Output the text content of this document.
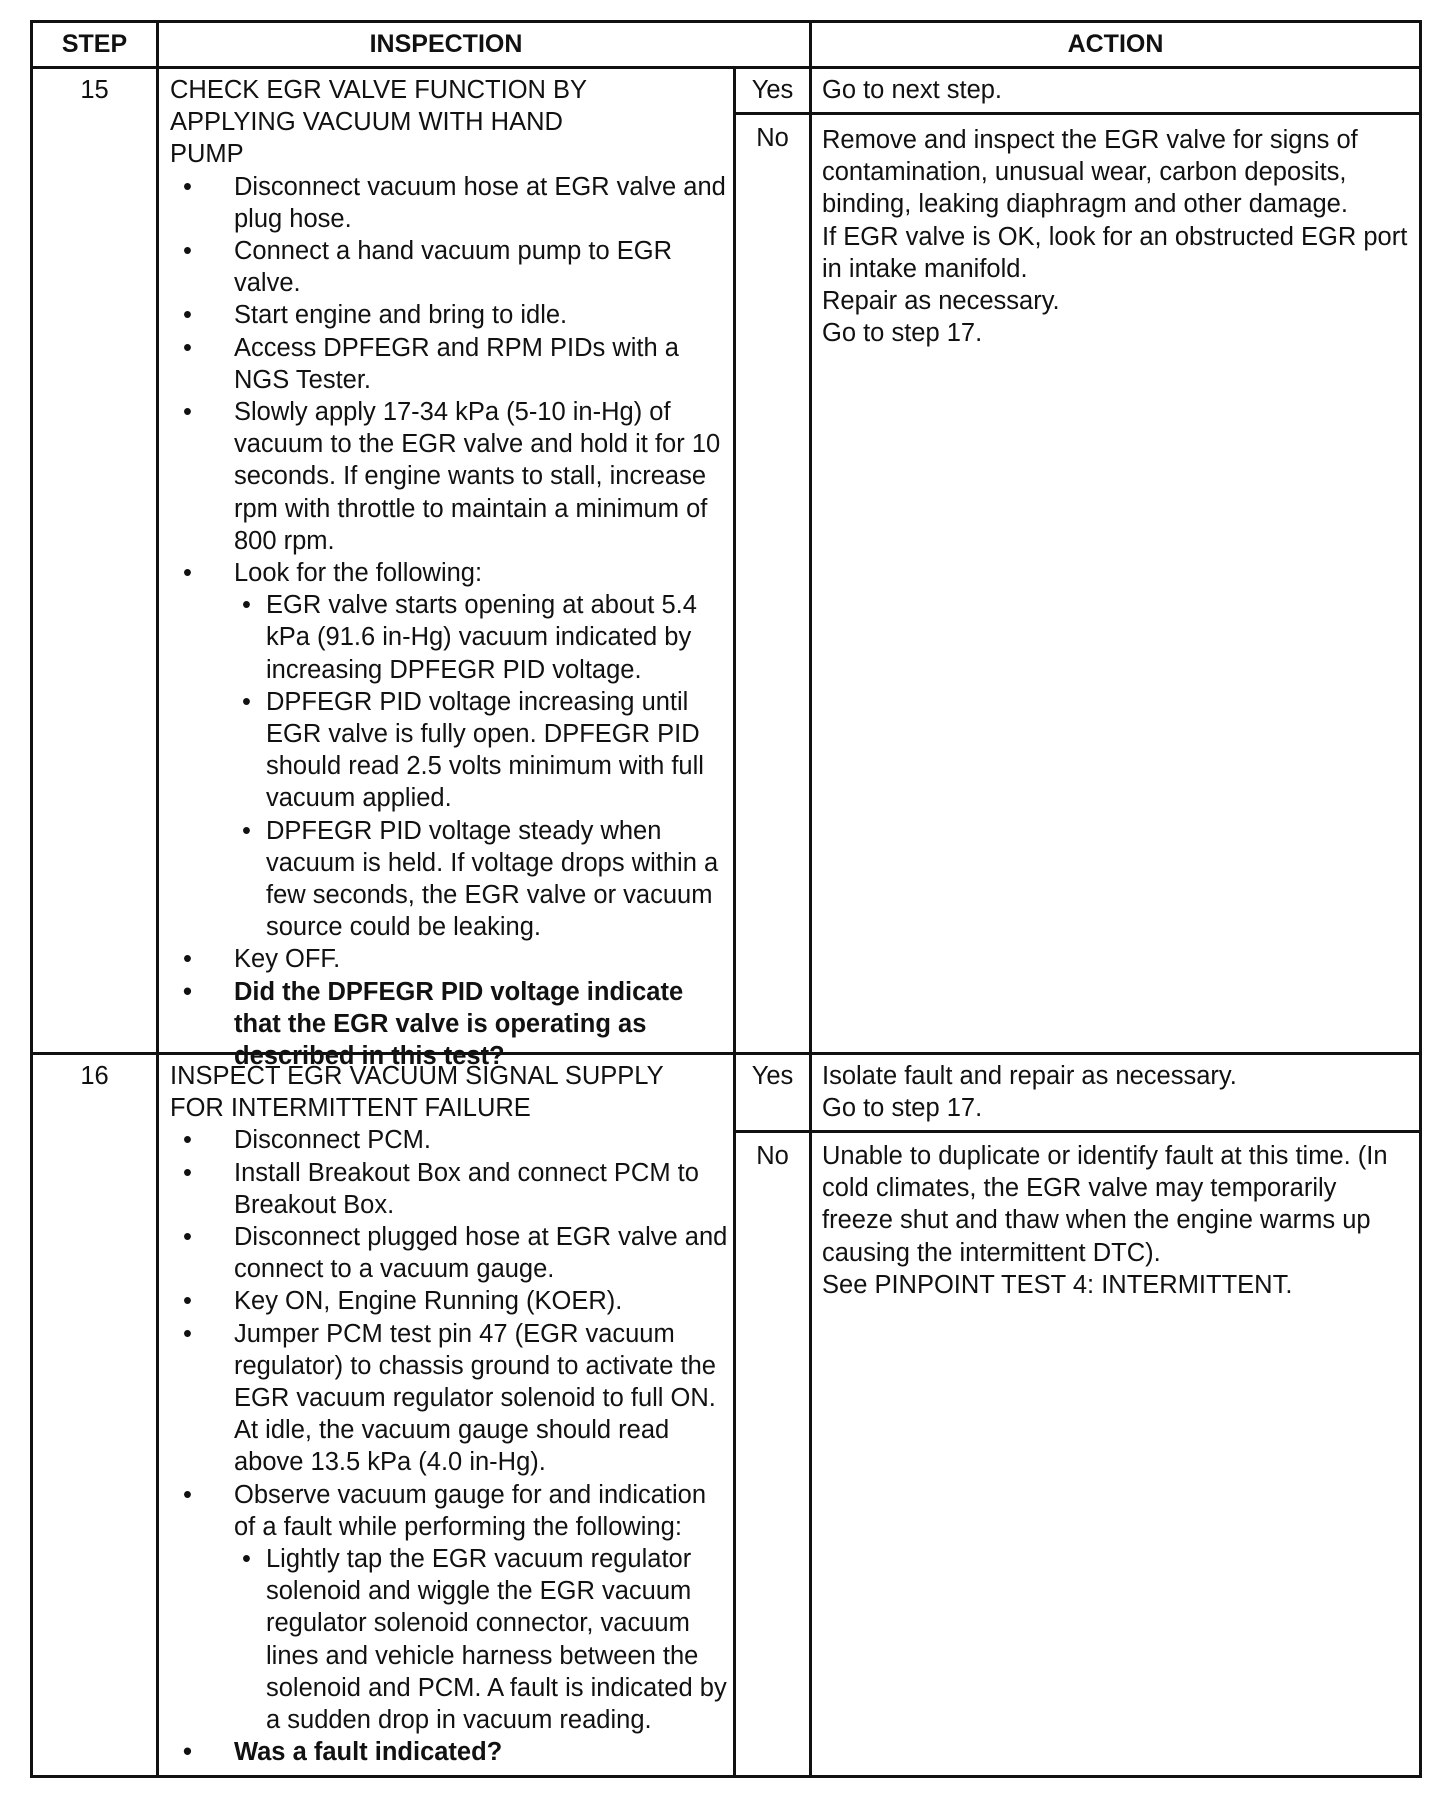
STEP	INSPECTION	ACTION
15	CHECK EGR VALVE FUNCTION BY APPLYING VACUUM WITH HAND PUMP
• Disconnect vacuum hose at EGR valve and plug hose.
• Connect a hand vacuum pump to EGR valve.
• Start engine and bring to idle.
• Access DPFEGR and RPM PIDs with a NGS Tester.
• Slowly apply 17-34 kPa (5-10 in-Hg) of vacuum to the EGR valve and hold it for 10 seconds. If engine wants to stall, increase rpm with throttle to maintain a minimum of 800 rpm.
• Look for the following:
• EGR valve starts opening at about 5.4 kPa (91.6 in-Hg) vacuum indicated by increasing DPFEGR PID voltage.
• DPFEGR PID voltage increasing until EGR valve is fully open. DPFEGR PID should read 2.5 volts minimum with full vacuum applied.
• DPFEGR PID voltage steady when vacuum is held. If voltage drops within a few seconds, the EGR valve or vacuum source could be leaking.
• Key OFF.
• Did the DPFEGR PID voltage indicate that the EGR valve is operating as described in this test?
Yes	Go to next step.

No	Remove and inspect the EGR valve for signs of contamination, unusual wear, carbon deposits, binding, leaking diaphragm and other damage.

If EGR valve is OK, look for an obstructed EGR port in intake manifold.

Repair as necessary.

Go to step 17.

16	INSPECT EGR VACUUM SIGNAL SUPPLY FOR INTERMITTENT FAILURE
• Disconnect PCM.
• Install Breakout Box and connect PCM to Breakout Box.
• Disconnect plugged hose at EGR valve and connect to a vacuum gauge.
• Key ON, Engine Running (KOER).
• Jumper PCM test pin 47 (EGR vacuum regulator) to chassis ground to activate the EGR vacuum regulator solenoid to full ON. At idle, the vacuum gauge should read above 13.5 kPa (4.0 in-Hg).
• Observe vacuum gauge for and indication of a fault while performing the following:
• Lightly tap the EGR vacuum regulator solenoid and wiggle the EGR vacuum regulator solenoid connector, vacuum lines and vehicle harness between the solenoid and PCM. A fault is indicated by a sudden drop in vacuum reading.
• Was a fault indicated?
Yes	Isolate fault and repair as necessary.

Go to step 17.

No	Unable to duplicate or identify fault at this time. (In cold climates, the EGR valve may temporarily freeze shut and thaw when the engine warms up causing the intermittent DTC).

See PINPOINT TEST 4: INTERMITTENT.
